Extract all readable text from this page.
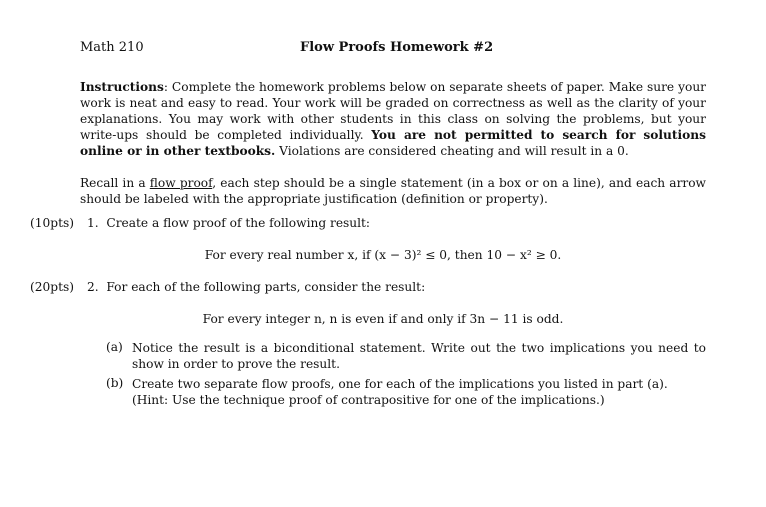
Math 210	Flow Proofs Homework #2
Instructions: Complete the homework problems below on separate sheets of paper. Make sure your work is neat and easy to read. Your work will be graded on correctness as well as the clarity of your explanations. You may work with other students in this class on solving the problems, but your write-ups should be completed individually. You are not permitted to search for solutions online or in other textbooks. Violations are considered cheating and will result in a 0.
Recall in a flow proof, each step should be a single statement (in a box or on a line), and each arrow should be labeled with the appropriate justification (definition or property).
(10pts) 1. Create a flow proof of the following result:
For every real number x, if (x − 3)² ≤ 0, then 10 − x² ≥ 0.
(20pts) 2. For each of the following parts, consider the result:
For every integer n, n is even if and only if 3n − 11 is odd.
(a) Notice the result is a biconditional statement. Write out the two implications you need to show in order to prove the result.
(b) Create two separate flow proofs, one for each of the implications you listed in part (a).
(Hint: Use the technique proof of contrapositive for one of the implications.)
